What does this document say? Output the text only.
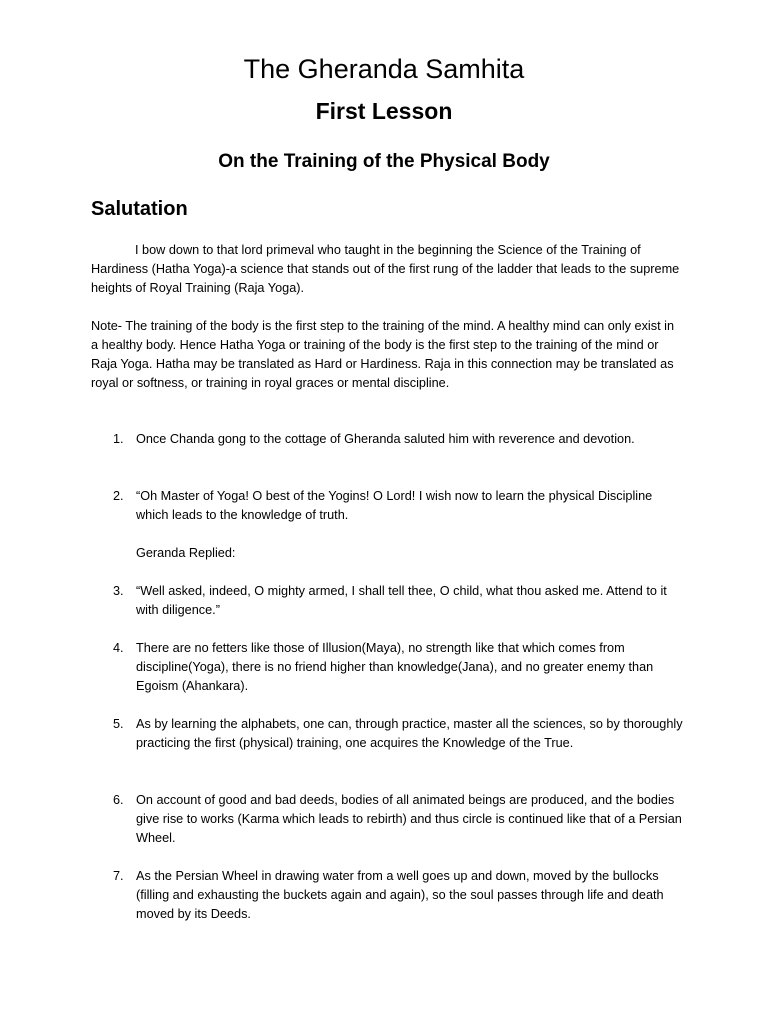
The Gheranda Samhita
First Lesson
On the Training of the Physical Body
Salutation

I bow down to that lord primeval who taught in the beginning the Science of the Training of Hardiness (Hatha Yoga)-a science that stands out of the first rung of the ladder that leads to the supreme heights of Royal Training (Raja Yoga).

Note- The training of the body is the first step to the training of the mind. A healthy mind can only exist in a healthy body. Hence Hatha Yoga or training of the body is the first step to the training of the mind or Raja Yoga. Hatha may be translated as Hard or Hardiness. Raja in this connection may be translated as royal or softness, or training in royal graces or mental discipline.

1. Once Chanda gong to the cottage of Gheranda saluted him with reverence and devotion.
2. “Oh Master of Yoga! O best of the Yogins! O Lord! I wish now to learn the physical Discipline which leads to the knowledge of truth.
Geranda Replied:
3. “Well asked, indeed, O mighty armed, I shall tell thee, O child, what thou asked me. Attend to it with diligence.”
4. There are no fetters like those of Illusion(Maya), no strength like that which comes from discipline(Yoga), there is no friend higher than knowledge(Jana), and no greater enemy than Egoism (Ahankara).
5. As by learning the alphabets, one can, through practice, master all the sciences, so by thoroughly practicing the first (physical) training, one acquires the Knowledge of the True.
6. On account of good and bad deeds, bodies of all animated beings are produced, and the bodies give rise to works (Karma which leads to rebirth) and thus circle is continued like that of a Persian Wheel.
7. As the Persian Wheel in drawing water from a well goes up and down, moved by the bullocks (filling and exhausting the buckets again and again), so the soul passes through life and death moved by its Deeds.
